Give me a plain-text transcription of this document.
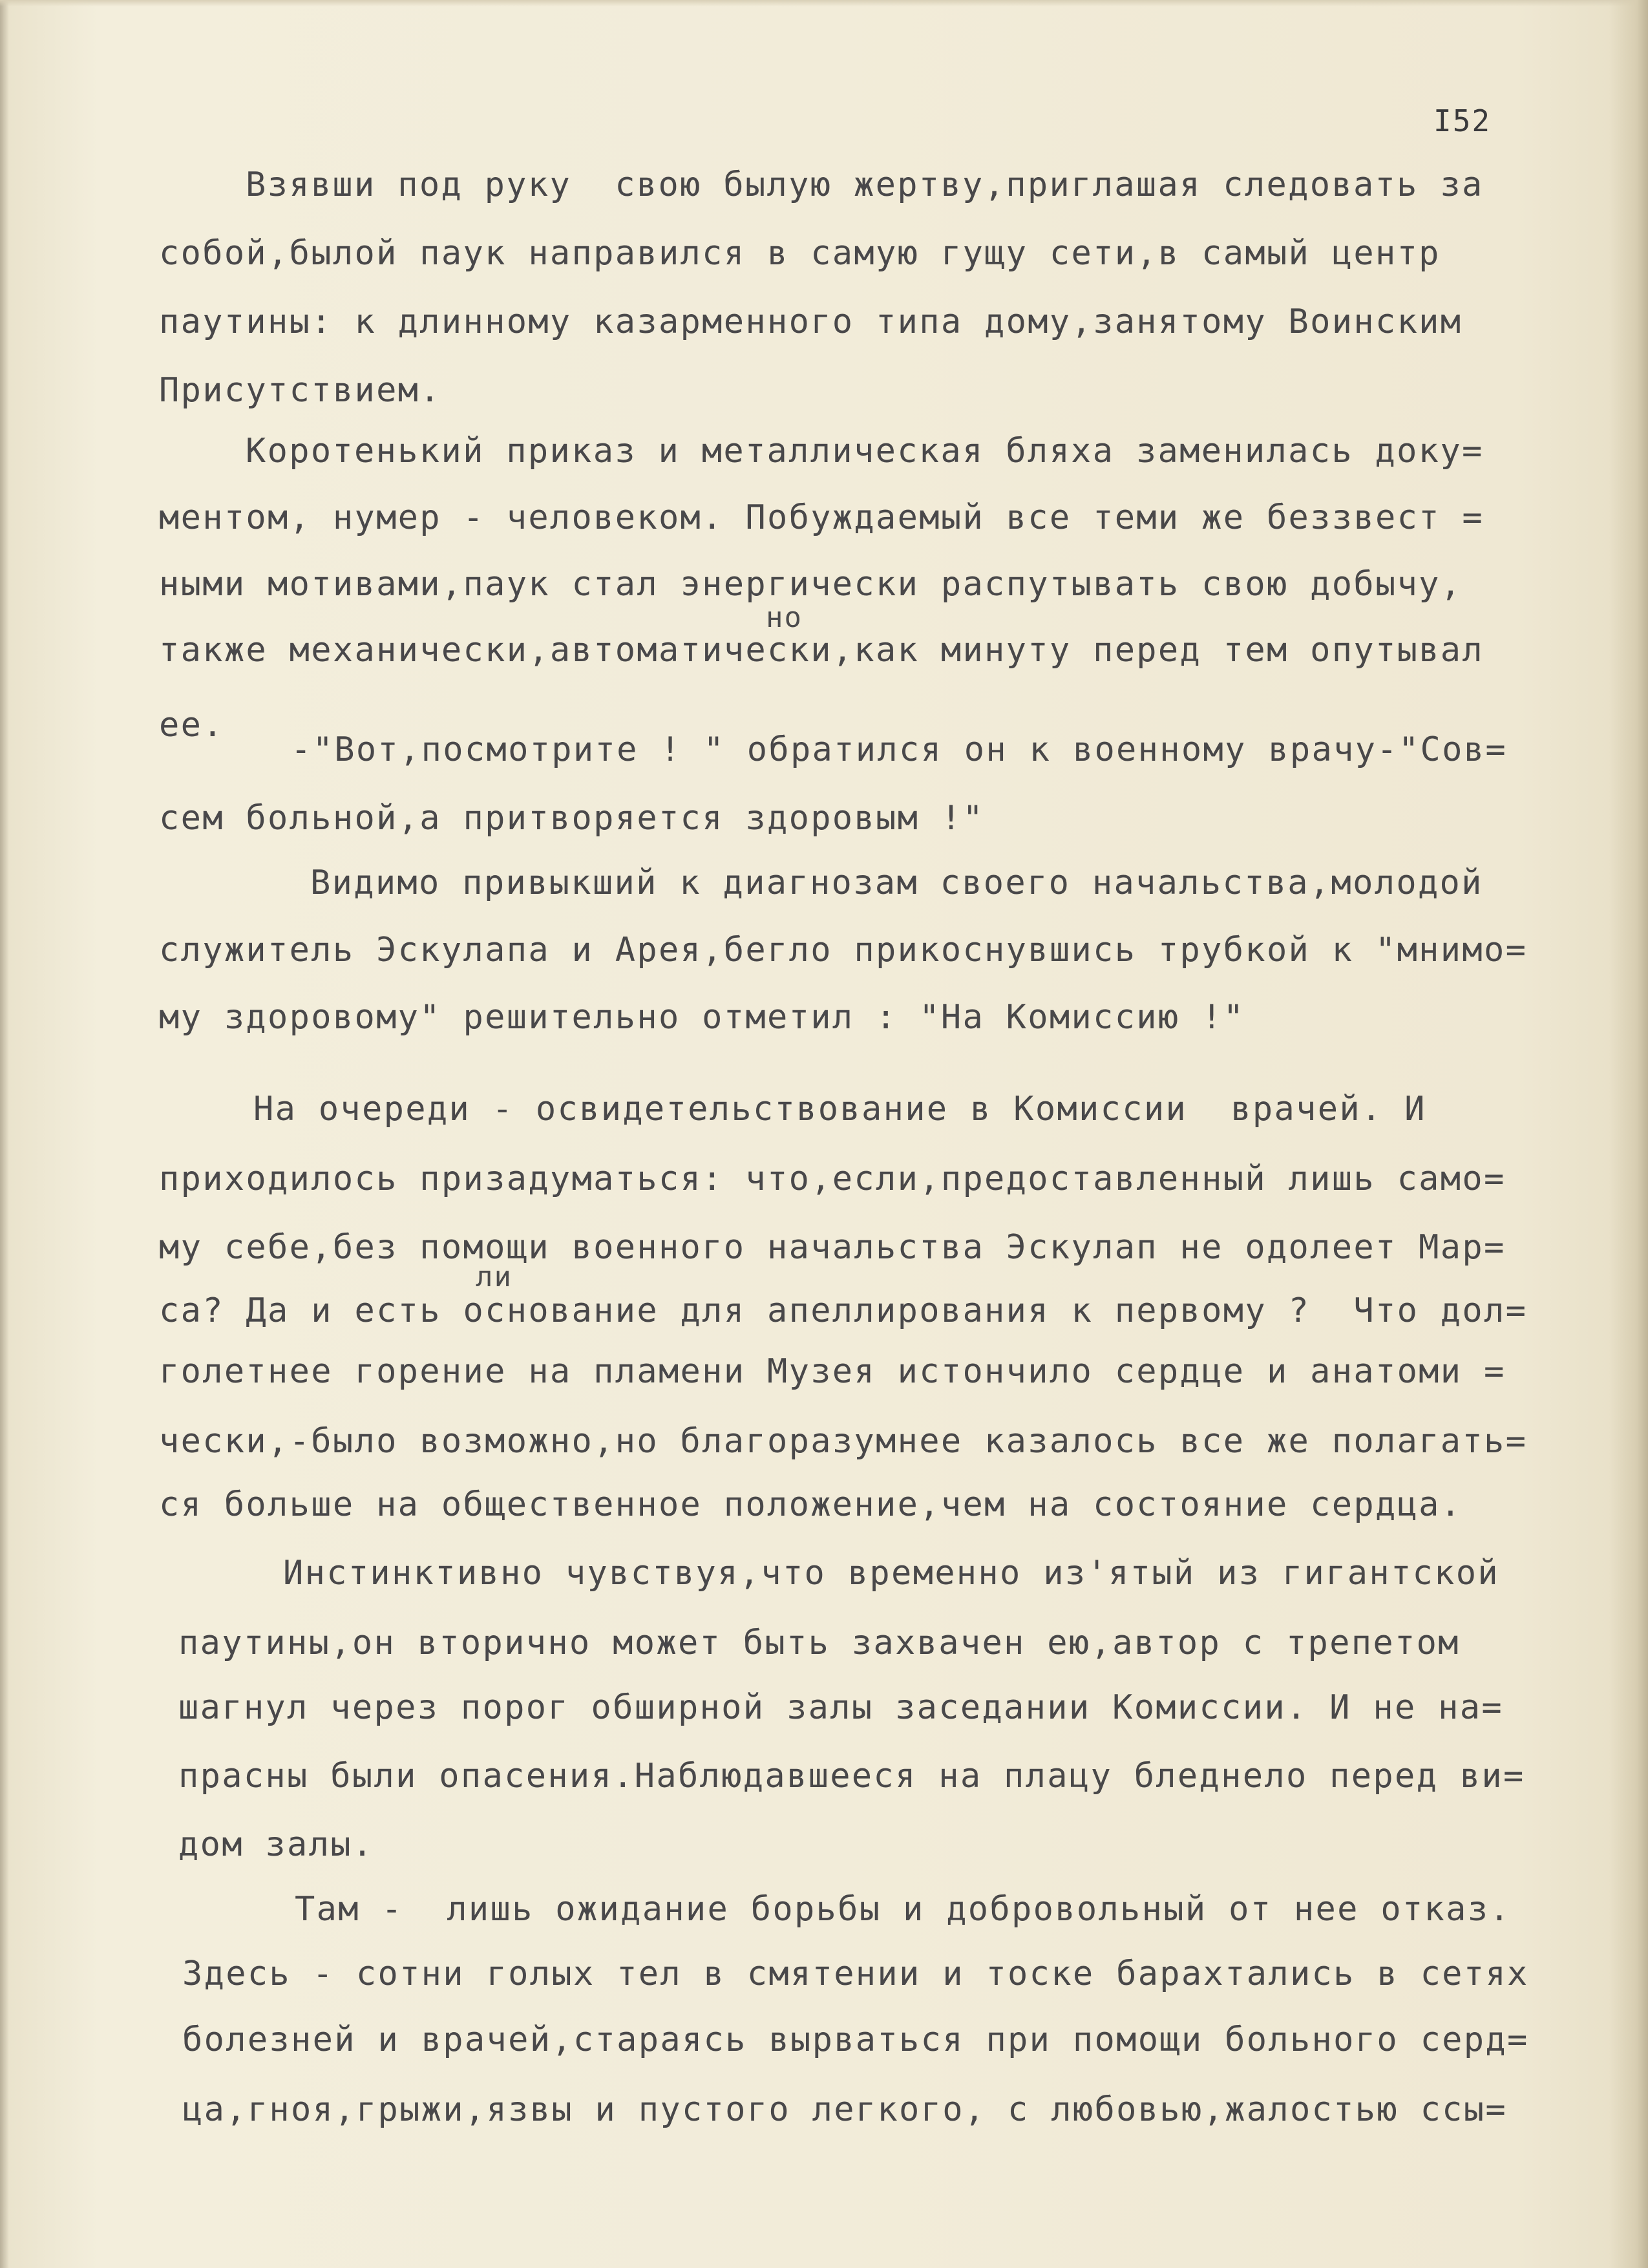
I52
Взявши под руку  свою былую жертву,приглашая следовать за
собой,былой паук направился в самую гущу сети,в самый центр
паутины: к длинному казарменного типа дому,занятому Воинским
Присутствием.
Коротенький приказ и металлическая бляха заменилась доку=
ментом, нумер - человеком. Побуждаемый все теми же беззвест =
ными мотивами,паук стал энергически распутывать свою добычу,
но
также механически,автоматически,как минуту перед тем опутывал
ее.
-"Вот,посмотрите ! " обратился он к военному врачу-"Сов=
сем больной,а притворяется здоровым !"
Видимо привыкший к диагнозам своего начальства,молодой
служитель Эскулапа и Арея,бегло прикоснувшись трубкой к "мнимо=
му здоровому" решительно отметил : "На Комиссию !"
На очереди - освидетельствование в Комиссии  врачей. И
приходилось призадуматься: что,если,предоставленный лишь само=
му себе,без помощи военного начальства Эскулап не одолеет Мар=
ли
са? Да и есть основание для апеллирования к первому ?  Что дол=
голетнее горение на пламени Музея истончило сердце и анатоми =
чески,-было возможно,но благоразумнее казалось все же полагать=
ся больше на общественное положение,чем на состояние сердца.
Инстинктивно чувствуя,что временно из'ятый из гигантской
паутины,он вторично может быть захвачен ею,автор с трепетом
шагнул через порог обширной залы заседании Комиссии. И не на=
прасны были опасения.Наблюдавшееся на плацу бледнело перед ви=
дом залы.
Там -  лишь ожидание борьбы и добровольный от нее отказ.
Здесь - сотни голых тел в смятении и тоске барахтались в сетях
болезней и врачей,стараясь вырваться при помощи больного серд=
ца,гноя,грыжи,язвы и пустого легкого, с любовью,жалостью ссы=
